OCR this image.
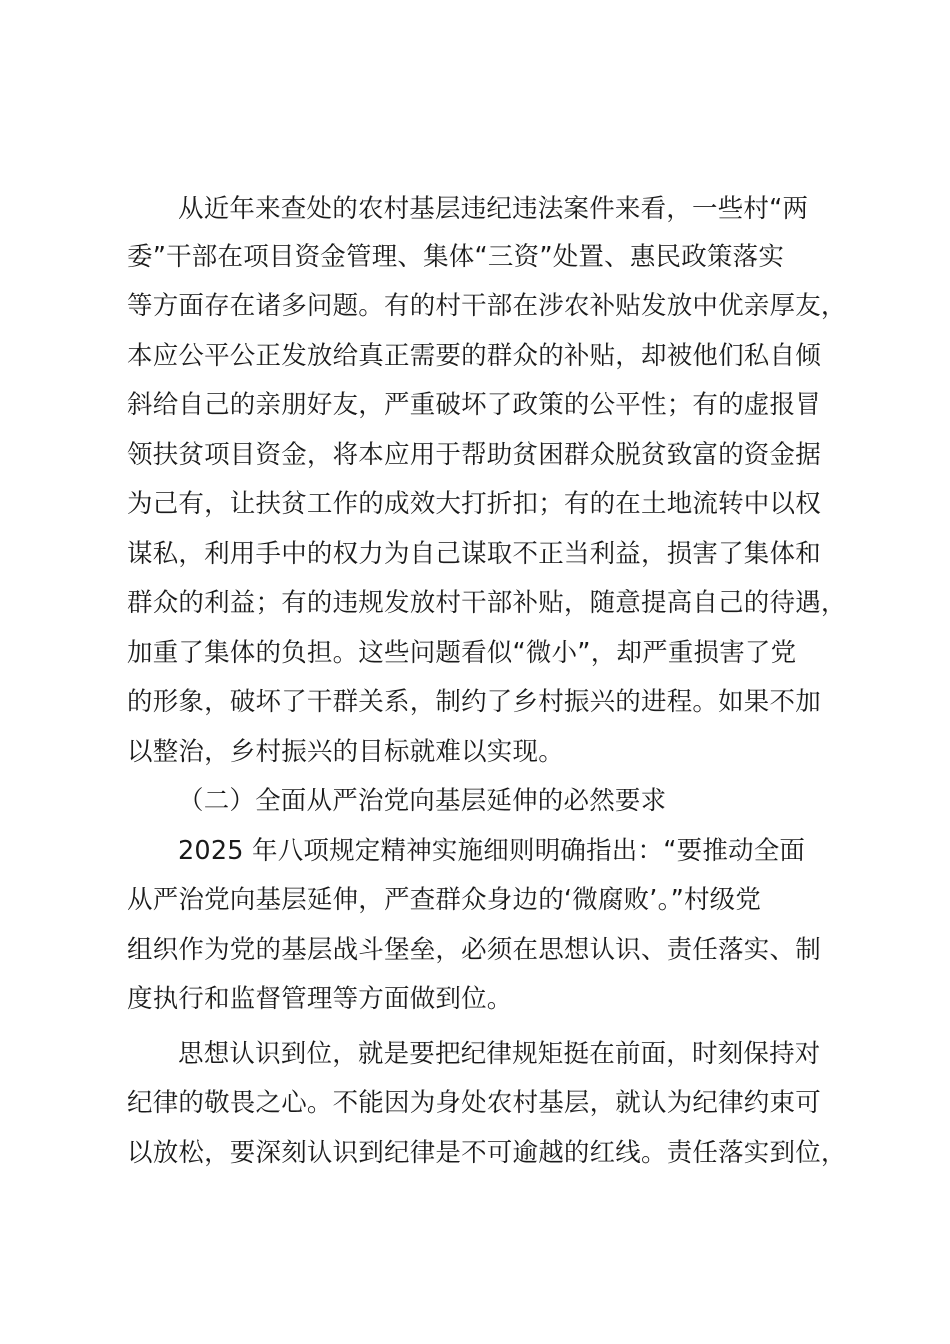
从近年来查处的农村基层违纪违法案件来看，一些村“两
委”干部在项目资金管理、集体“三资”处置、惠民政策落实
等方面存在诸多问题。有的村干部在涉农补贴发放中优亲厚友，
本应公平公正发放给真正需要的群众的补贴，却被他们私自倾
斜给自己的亲朋好友，严重破坏了政策的公平性；有的虚报冒
领扶贫项目资金，将本应用于帮助贫困群众脱贫致富的资金据
为己有，让扶贫工作的成效大打折扣；有的在土地流转中以权
谋私，利用手中的权力为自己谋取不正当利益，损害了集体和
群众的利益；有的违规发放村干部补贴，随意提高自己的待遇，
加重了集体的负担。这些问题看似“微小”，却严重损害了党
的形象，破坏了干群关系，制约了乡村振兴的进程。如果不加
以整治，乡村振兴的目标就难以实现。
（二）全面从严治党向基层延伸的必然要求
2025 年八项规定精神实施细则明确指出：“要推动全面
从严治党向基层延伸，严查群众身边的‘微腐败’。”村级党
组织作为党的基层战斗堡垒，必须在思想认识、责任落实、制
度执行和监督管理等方面做到位。
思想认识到位，就是要把纪律规矩挺在前面，时刻保持对
纪律的敬畏之心。不能因为身处农村基层，就认为纪律约束可
以放松，要深刻认识到纪律是不可逾越的红线。责任落实到位，
